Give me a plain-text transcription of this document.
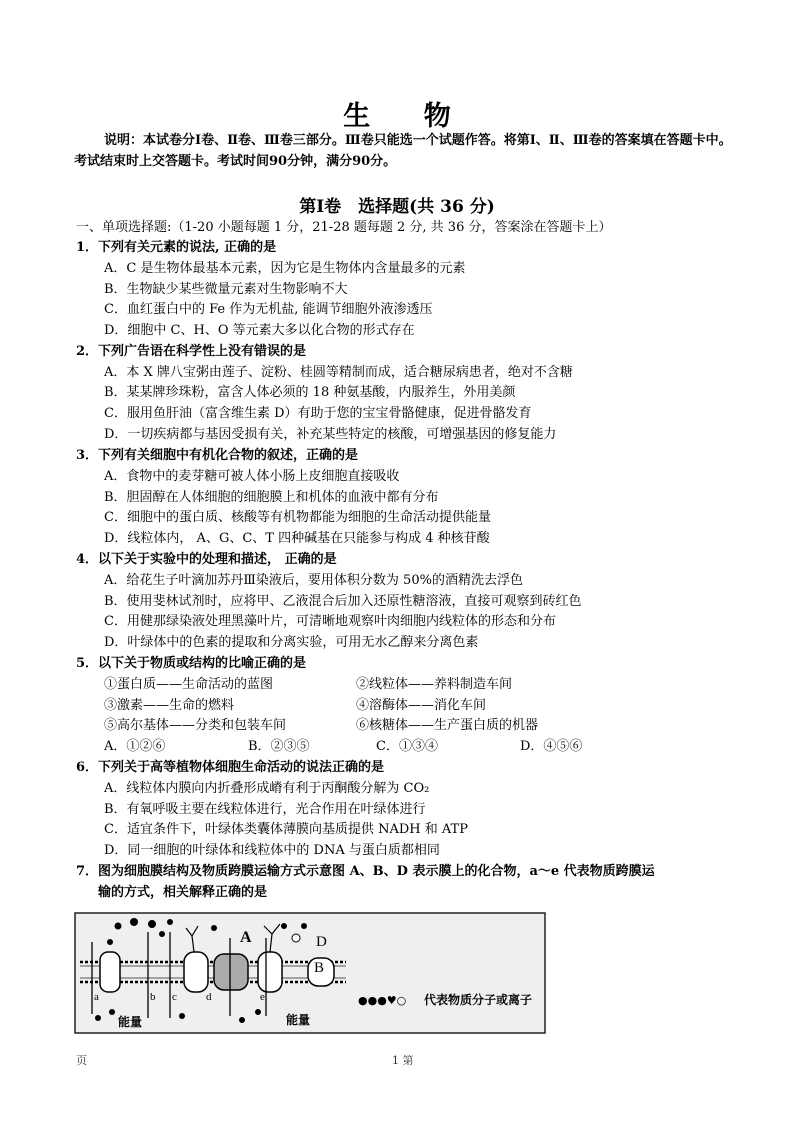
生 物
说明：本试卷分Ⅰ卷、Ⅱ卷、Ⅲ卷三部分。Ⅲ卷只能选一个试题作答。将第Ⅰ、Ⅱ、Ⅲ卷的答案填在答题卡中。考试结束时上交答题卡。考试时间90分钟，满分90分。
第Ⅰ卷　选择题(共 36 分)
一、单项选择题:（1-20 小题每题 1 分，21-28 题每题 2 分, 共 36 分，答案涂在答题卡上）
1．下列有关元素的说法, 正确的是
A．C 是生物体最基本元素，因为它是生物体内含量最多的元素
B．生物缺少某些微量元素对生物影响不大
C．血红蛋白中的 Fe 作为无机盐, 能调节细胞外液渗透压
D．细胞中 C、H、O 等元素大多以化合物的形式存在
2．下列广告语在科学性上没有错误的是
A．本 X 牌八宝粥由莲子、淀粉、桂圆等精制而成，适合糖尿病患者，绝对不含糖
B．某某牌珍珠粉，富含人体必须的 18 种氨基酸，内服养生，外用美颜
C．服用鱼肝油（富含维生素 D）有助于您的宝宝骨骼健康，促进骨骼发育
D．一切疾病都与基因受损有关，补充某些特定的核酸，可增强基因的修复能力
3．下列有关细胞中有机化合物的叙述，正确的是
A．食物中的麦芽糖可被人体小肠上皮细胞直接吸收
B．胆固醇在人体细胞的细胞膜上和机体的血液中都有分布
C．细胞中的蛋白质、核酸等有机物都能为细胞的生命活动提供能量
D．线粒体内， A、G、C、T 四种碱基在只能参与构成 4 种核苷酸
4．以下关于实验中的处理和描述， 正确的是
A．给花生子叶滴加苏丹Ⅲ染液后，要用体积分数为 50%的酒精洗去浮色
B．使用斐林试剂时，应将甲、乙液混合后加入还原性糖溶液，直接可观察到砖红色
C．用健那绿染液处理黑藻叶片，可清晰地观察叶肉细胞内线粒体的形态和分布
D．叶绿体中的色素的提取和分离实验，可用无水乙醇来分离色素
5．以下关于物质或结构的比喻正确的是
①蛋白质——生命活动的蓝图	②线粒体——养料制造车间
③激素——生命的燃料	④溶酶体——消化车间
⑤高尔基体——分类和包装车间	⑥核糖体——生产蛋白质的机器
A．①②⑥	B．②③⑤	C．①③④	D．④⑤⑥
6．下列关于高等植物体细胞生命活动的说法正确的是
A．线粒体内膜向内折叠形成嵴有利于丙酮酸分解为 CO₂
B．有氧呼吸主要在线粒体进行，光合作用在叶绿体进行
C．适宜条件下，叶绿体类囊体薄膜向基质提供 NADH 和 ATP
D．同一细胞的叶绿体和线粒体中的 DNA 与蛋白质都相同
7．图为细胞膜结构及物质跨膜运输方式示意图 A、B、D 表示膜上的化合物，a～e 代表物质跨膜运
输的方式，相关解释正确的是
A
B
D
a	b c	d	e
能量	能量
●●●♥○ 代表物质分子或离子
页	1 第
